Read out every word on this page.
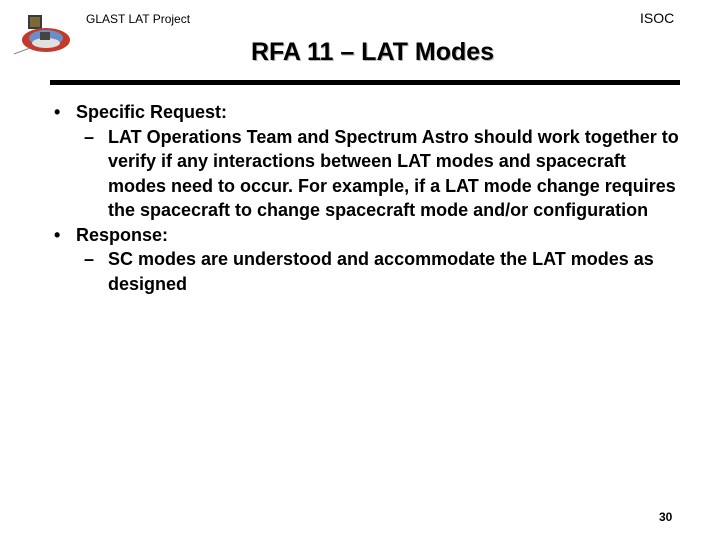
GLAST LAT Project	ISOC
RFA 11 – LAT Modes
• Specific Request:
– LAT Operations Team and Spectrum Astro should work together to verify if any interactions between LAT modes and spacecraft modes need to occur. For example, if a LAT mode change requires the spacecraft to change spacecraft mode and/or configuration
• Response:
– SC modes are understood and accommodate the LAT modes as designed
30
